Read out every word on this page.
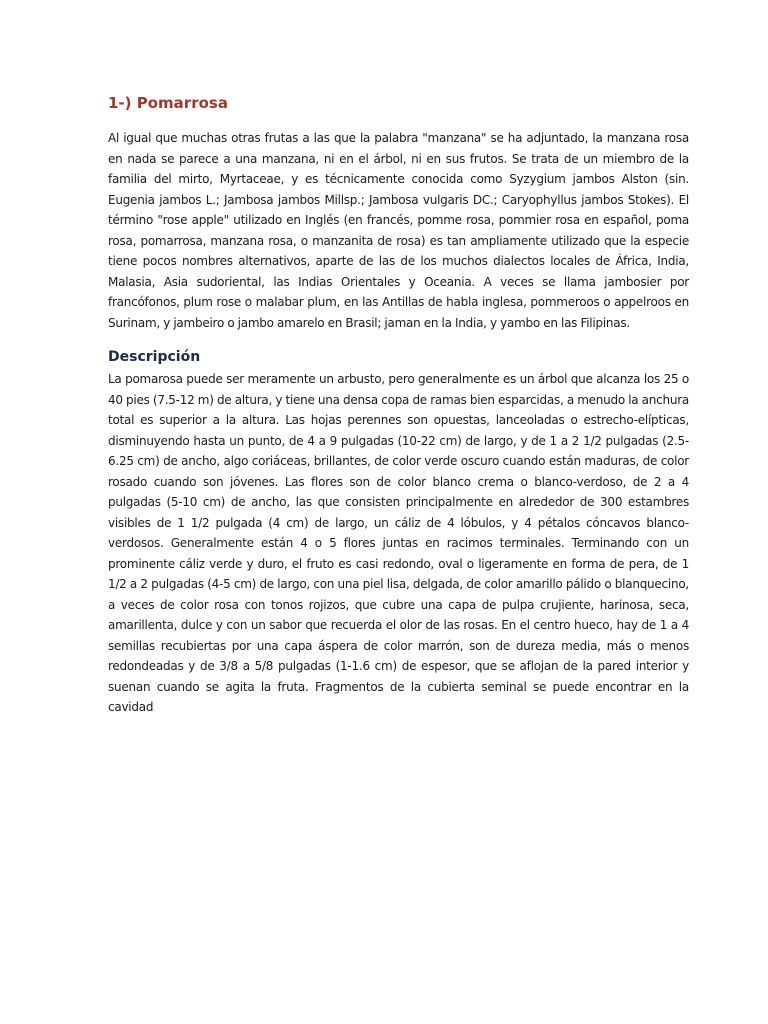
1-) Pomarrosa

Al igual que muchas otras frutas a las que la palabra "manzana" se ha adjuntado, la manzana rosa en nada se parece a una manzana, ni en el árbol, ni en sus frutos. Se trata de un miembro de la familia del mirto, Myrtaceae, y es técnicamente conocida como Syzygium jambos Alston (sin. Eugenia jambos L.; Jambosa jambos Millsp.; Jambosa vulgaris DC.; Caryophyllus jambos Stokes). El término "rose apple" utilizado en Inglés (en francés, pomme rosa, pommier rosa en español, poma rosa, pomarrosa, manzana rosa, o manzanita de rosa) es tan ampliamente utilizado que la especie tiene pocos nombres alternativos, aparte de las de los muchos dialectos locales de África, India, Malasia, Asia sudoriental, las Indias Orientales y Oceania. A veces se llama jambosier por francófonos, plum rose o malabar plum, en las Antillas de habla inglesa, pommeroos o appelroos en Surinam, y jambeiro o jambo amarelo en Brasil; jaman en la India, y yambo en las Filipinas.

Descripción

La pomarosa puede ser meramente un arbusto, pero generalmente es un árbol que alcanza los 25 o 40 pies (7.5-12 m) de altura, y tiene una densa copa de ramas bien esparcidas, a menudo la anchura total es superior a la altura. Las hojas perennes son opuestas, lanceoladas o estrecho-elípticas, disminuyendo hasta un punto, de 4 a 9 pulgadas (10-22 cm) de largo, y de 1 a 2 1/2 pulgadas (2.5-6.25 cm) de ancho, algo coriáceas, brillantes, de color verde oscuro cuando están maduras, de color rosado cuando son jóvenes. Las flores son de color blanco crema o blanco-verdoso, de 2 a 4 pulgadas (5-10 cm) de ancho, las que consisten principalmente en alrededor de 300 estambres visibles de 1 1/2 pulgada (4 cm) de largo, un cáliz de 4 lóbulos, y 4 pétalos cóncavos blanco-verdosos. Generalmente están 4 o 5 flores juntas en racimos terminales. Terminando con un prominente cáliz verde y duro, el fruto es casi redondo, oval o ligeramente en forma de pera, de 1 1/2 a 2 pulgadas (4-5 cm) de largo, con una piel lisa, delgada, de color amarillo pálido o blanquecino, a veces de color rosa con tonos rojizos, que cubre una capa de pulpa crujiente, harinosa, seca, amarillenta, dulce y con un sabor que recuerda el olor de las rosas. En el centro hueco, hay de 1 a 4 semillas recubiertas por una capa áspera de color marrón, son de dureza media, más o menos redondeadas y de 3/8 a 5/8 pulgadas (1-1.6 cm) de espesor, que se aflojan de la pared interior y suenan cuando se agita la fruta. Fragmentos de la cubierta seminal se puede encontrar en la cavidad
